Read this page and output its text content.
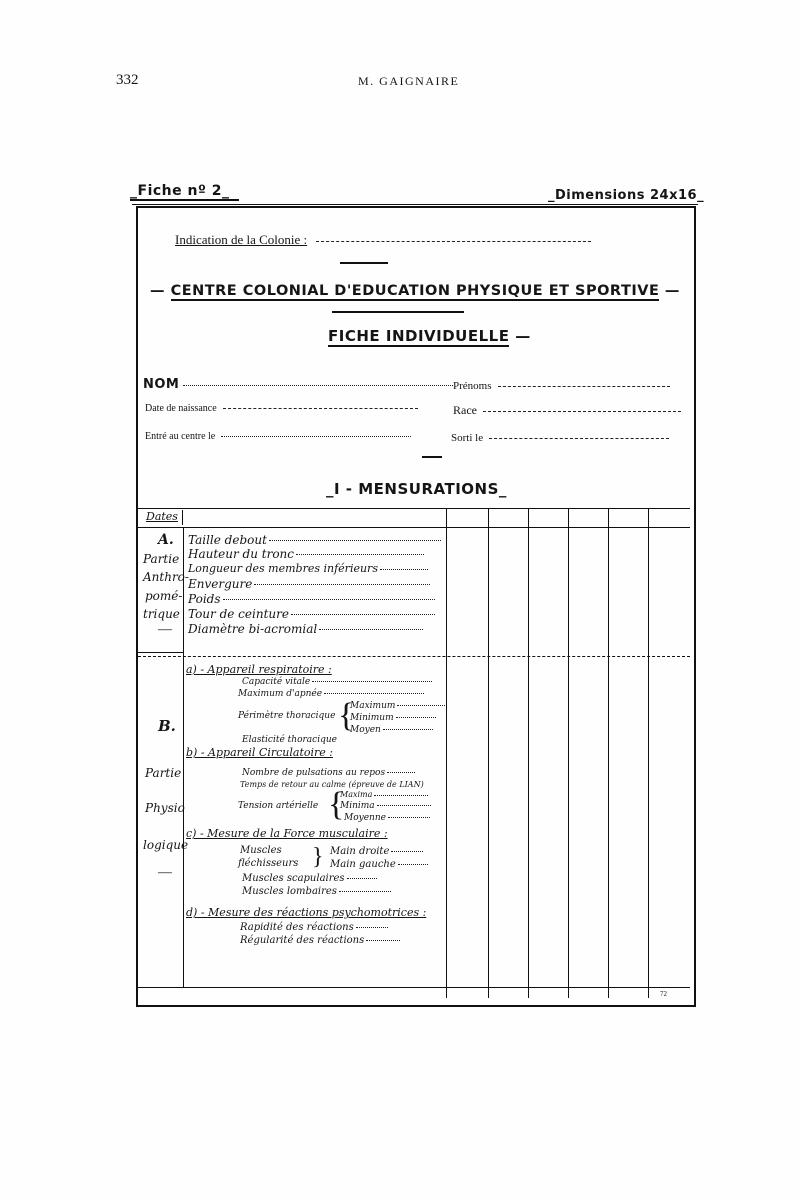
332	M. GAIGNAIRE
_Fiche nº 2_	_Dimensions 24x16_
Indication de la Colonie :
— CENTRE COLONIAL D'EDUCATION PHYSIQUE ET SPORTIVE —
FICHE INDIVIDUELLE —
NOM	Prénoms
Date de naissance	Race
Entré au centre le	Sorti le
_I - MENSURATIONS_
Dates
A.
Partie
Anthro-
pomé-
trique
—
Taille debout
Hauteur du tronc
Longueur des membres inférieurs
Envergure
Poids
Tour de ceinture
Diamètre bi-acromial
B.
Partie
Physio
logique
—
a) - Appareil respiratoire :
Capacité vitale
Maximum d'apnée
Périmètre thoracique {
Maximum
Minimum
Moyen
Elasticité thoracique
b) - Appareil Circulatoire :
Nombre de pulsations au repos
Temps de retour au calme (épreuve de LIAN)
Tension artérielle {
Maxima
Minima
Moyenne
c) - Mesure de la Force musculaire :
Muscles
fléchisseurs } Main droite
Main gauche
Muscles scapulaires
Muscles lombaires
d) - Mesure des réactions psychomotrices :
Rapidité des réactions
Régularité des réactions
72
